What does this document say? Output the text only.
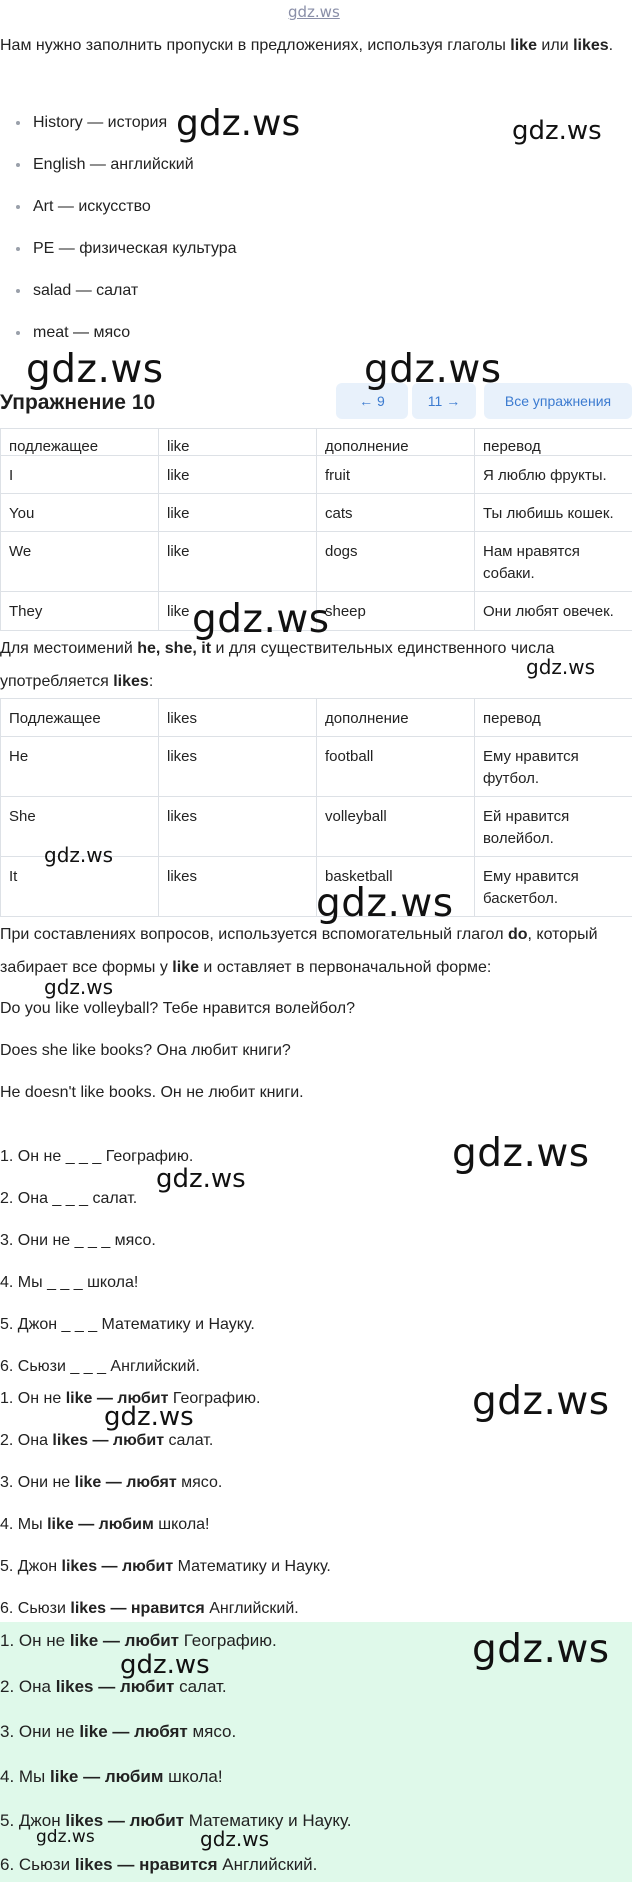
gdz.ws

Нам нужно заполнить пропуски в предложениях, используя глаголы like или likes.

History — история
English — английский
Art — искусство
PE — физическая культура
salad — салат
meat — мясо
Упражнение 10	← 9	11 →	Все упражнения
подлежащее	like	дополнение	перевод

I	like	fruit	Я люблю фрукты.

You	like	cats	Ты любишь кошек.

We	like	dogs	Нам нравятся собаки.

They	like	sheep	Они любят овечек.

Для местоимений he, she, it и для существительных единственного числа употребляется likes:

Подлежащее	likes	дополнение	перевод

He	likes	football	Ему нравится футбол.

She	likes	volleyball	Ей нравится волейбол.

It	likes	basketball	Ему нравится баскетбол.

При составлениях вопросов, используется вспомогательный глагол do, который забирает все формы у like и оставляет в первоначальной форме:

Do you like volleyball? Тебе нравится волейбол?

Does she like books? Она любит книги?

He doesn't like books. Он не любит книги.

1. Он не _ _ _ Географию.

2. Она _ _ _ салат.

3. Они не _ _ _ мясо.

4. Мы _ _ _ школа!

5. Джон _ _ _ Математику и Науку.

6. Сьюзи _ _ _ Английский.

1. Он не like — любит Географию.

2. Она likes — любит салат.

3. Они не like — любят мясо.

4. Мы like — любим школа!

5. Джон likes — любит Математику и Науку.

6. Сьюзи likes — нравится Английский.

1. Он не like — любит Географию.

2. Она likes — любит салат.

3. Они не like — любят мясо.

4. Мы like — любим школа!

5. Джон likes — любит Математику и Науку.

6. Сьюзи likes — нравится Английский.

gdz.ws	gdz.ws
gdz.ws	gdz.ws
gdz.ws
gdz.ws
gdz.ws
gdz.ws
gdz.ws
gdz.ws
gdz.ws
gdz.ws
gdz.ws
gdz.ws
gdz.ws
gdz.ws	gdz.ws
